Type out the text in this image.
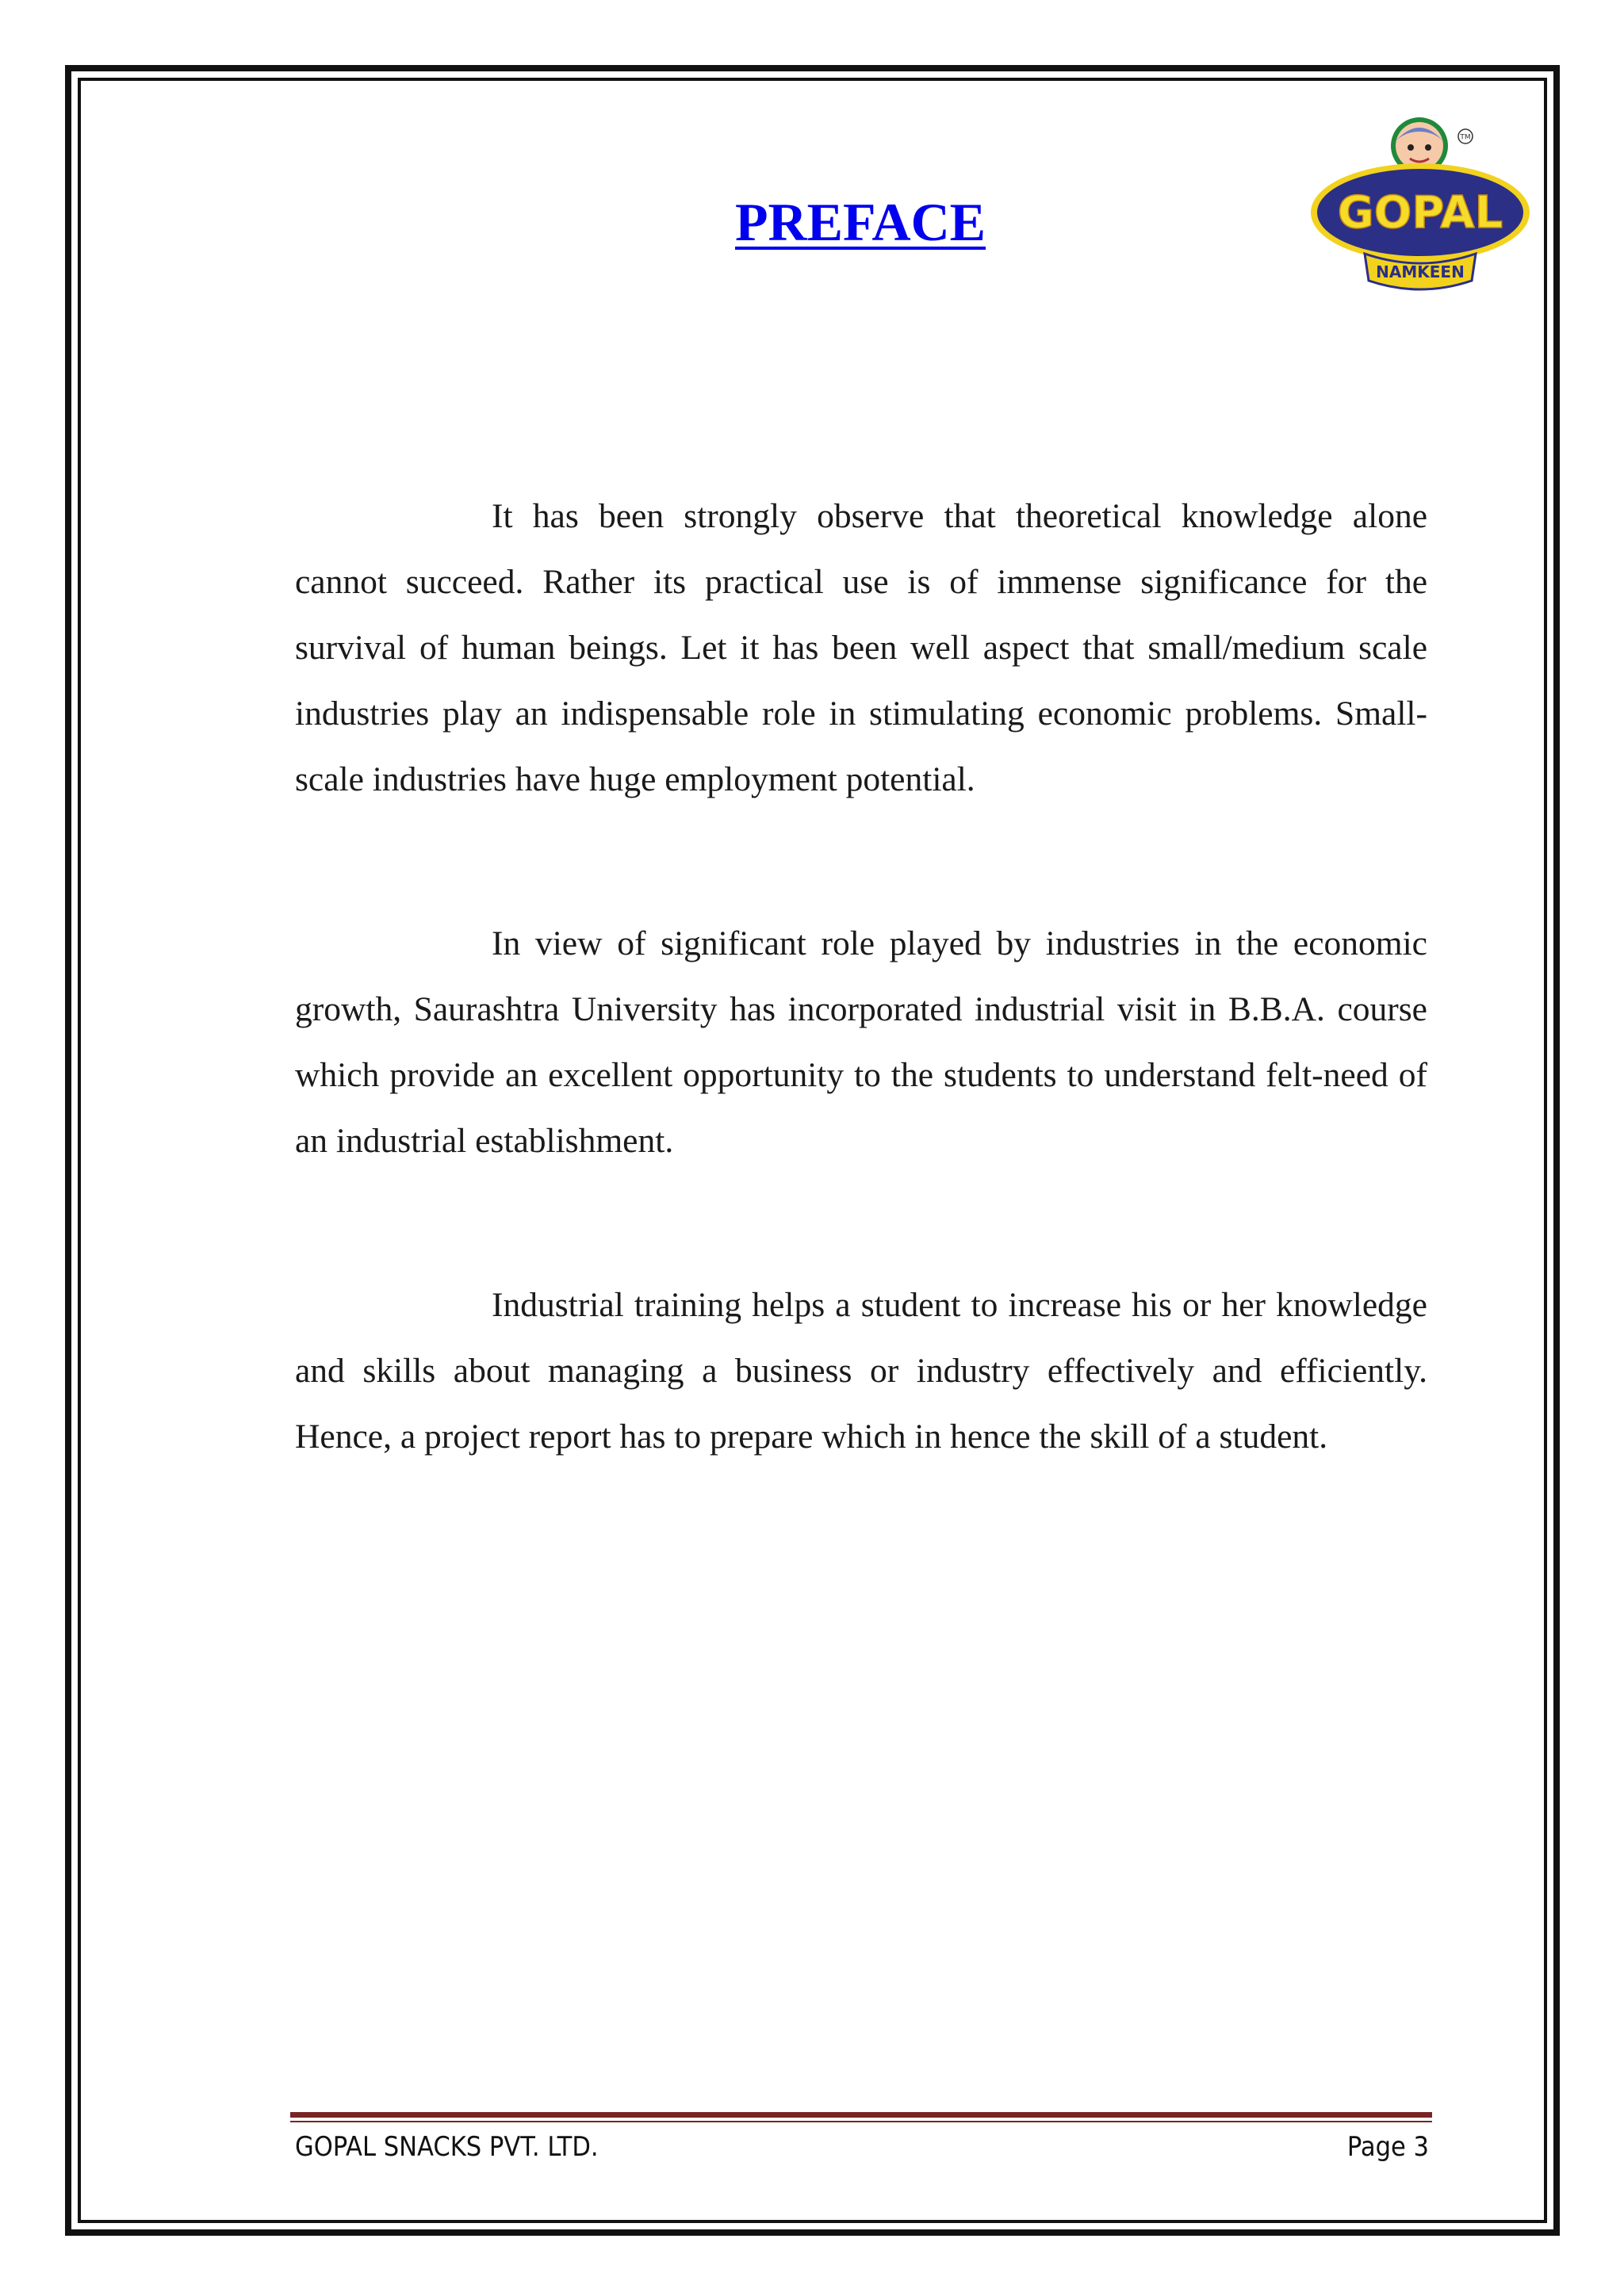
PREFACE
TM
GOPAL
NAMKEEN

It has been strongly observe that theoretical knowledge alone cannot succeed. Rather its practical use is of immense significance for the survival of human beings. Let it has been well aspect that small/medium scale industries play an indispensable role in stimulating economic problems. Small-scale industries have huge employment potential.

In view of significant role played by industries in the economic growth, Saurashtra University has incorporated industrial visit in B.B.A. course which provide an excellent opportunity to the students to understand felt-need of an industrial establishment.

Industrial training helps a student to increase his or her knowledge and skills about managing a business or industry effectively and efficiently. Hence, a project report has to prepare which in hence the skill of a student.

GOPAL SNACKS PVT. LTD.	Page 3
